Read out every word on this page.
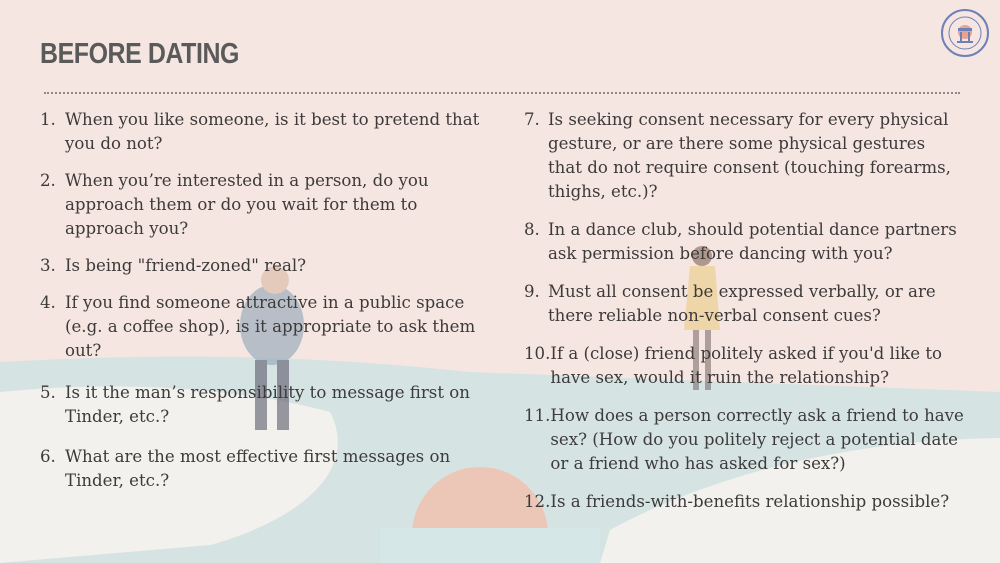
BEFORE DATING
1. When you like someone, is it best to pretend that you do not?
2. When you’re interested in a person, do you approach them or do you wait for them to approach you?
3. Is being "friend-zoned" real?
4. If you find someone attractive in a public space (e.g. a coffee shop), is it appropriate to ask them out?
5. Is it the man’s responsibility to message first on Tinder, etc.?
6. What are the most effective first messages on Tinder, etc.?
7. Is seeking consent necessary for every physical gesture, or are there some physical gestures that do not require consent (touching forearms, thighs, etc.)?
8. In a dance club, should potential dance partners ask permission before dancing with you?
9. Must all consent be expressed verbally, or are there reliable non-verbal consent cues?
10. If a (close) friend politely asked if you'd like to have sex, would it ruin the relationship?
11. How does a person correctly ask a friend to have sex? (How do you politely reject a potential date or a friend who has asked for sex?)
12. Is a friends-with-benefits relationship possible?
